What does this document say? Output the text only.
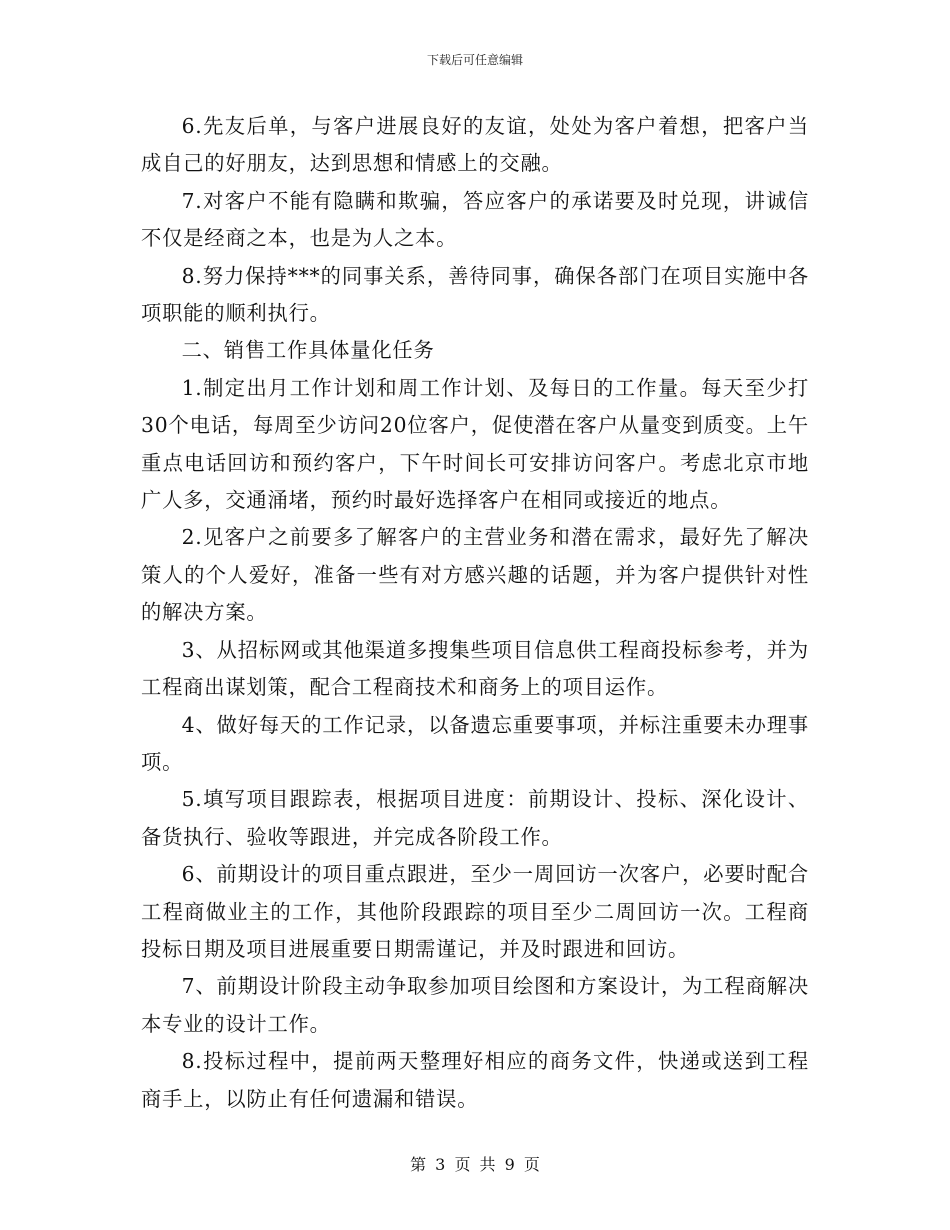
下载后可任意编辑

6.先友后单，与客户进展良好的友谊，处处为客户着想，把客户当成自己的好朋友，达到思想和情感上的交融。

7.对客户不能有隐瞒和欺骗，答应客户的承诺要及时兑现，讲诚信不仅是经商之本，也是为人之本。

8.努力保持***的同事关系，善待同事，确保各部门在项目实施中各项职能的顺利执行。

二、销售工作具体量化任务

1.制定出月工作计划和周工作计划、及每日的工作量。每天至少打30个电话，每周至少访问20位客户，促使潜在客户从量变到质变。上午重点电话回访和预约客户，下午时间长可安排访问客户。考虑北京市地广人多，交通涌堵，预约时最好选择客户在相同或接近的地点。

2.见客户之前要多了解客户的主营业务和潜在需求，最好先了解决策人的个人爱好，准备一些有对方感兴趣的话题，并为客户提供针对性的解决方案。

3、从招标网或其他渠道多搜集些项目信息供工程商投标参考，并为工程商出谋划策，配合工程商技术和商务上的项目运作。

4、做好每天的工作记录，以备遗忘重要事项，并标注重要未办理事项。

5.填写项目跟踪表，根据项目进度：前期设计、投标、深化设计、备货执行、验收等跟进，并完成各阶段工作。

6、前期设计的项目重点跟进，至少一周回访一次客户，必要时配合工程商做业主的工作，其他阶段跟踪的项目至少二周回访一次。工程商投标日期及项目进展重要日期需谨记，并及时跟进和回访。

7、前期设计阶段主动争取参加项目绘图和方案设计，为工程商解决本专业的设计工作。

8.投标过程中，提前两天整理好相应的商务文件，快递或送到工程商手上，以防止有任何遗漏和错误。

第 3 页 共 9 页
